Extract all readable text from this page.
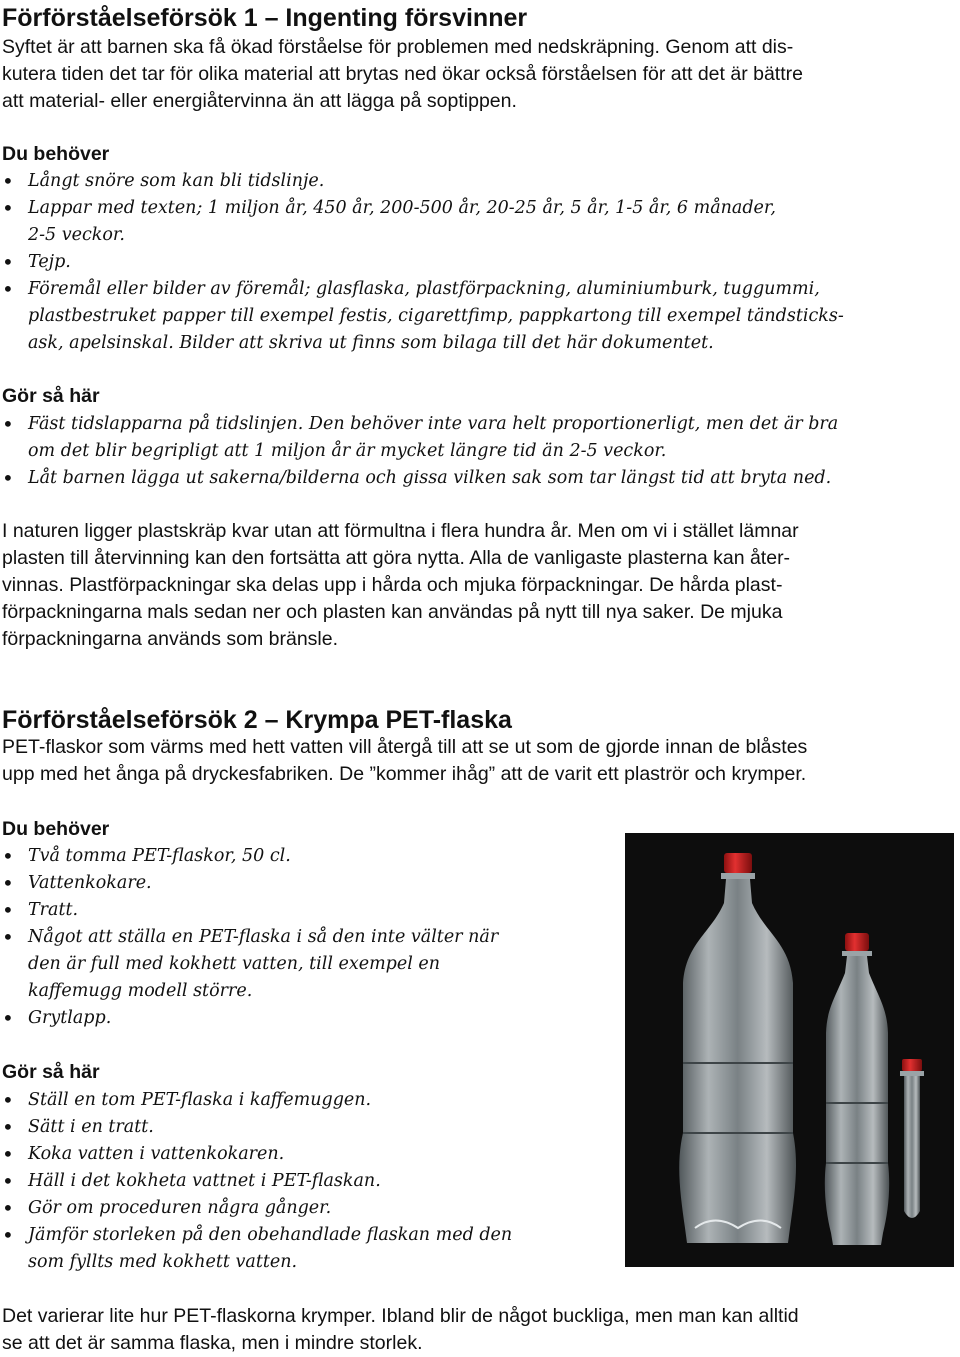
Förförståelseförsök 1 – Ingenting försvinner
Syftet är att barnen ska få ökad förståelse för problemen med nedskräpning. Genom att dis-
kutera tiden det tar för olika material att brytas ned ökar också förståelsen för att det är bättre
att material- eller energiåtervinna än att lägga på soptippen.
Du behöver
• Långt snöre som kan bli tidslinje.
• Lappar med texten; 1 miljon år, 450 år, 200-500 år, 20-25 år, 5 år, 1-5 år, 6 månader,
2-5 veckor.
• Tejp.
• Föremål eller bilder av föremål; glasflaska, plastförpackning, aluminiumburk, tuggummi,
plastbestruket papper till exempel festis, cigarettfimp, pappkartong till exempel tändsticks-
ask, apelsinskal. Bilder att skriva ut finns som bilaga till det här dokumentet.
Gör så här
• Fäst tidslapparna på tidslinjen. Den behöver inte vara helt proportionerligt, men det är bra
om det blir begripligt att 1 miljon år är mycket längre tid än 2-5 veckor.
• Låt barnen lägga ut sakerna/bilderna och gissa vilken sak som tar längst tid att bryta ned.
I naturen ligger plastskräp kvar utan att förmultna i flera hundra år. Men om vi i stället lämnar
plasten till återvinning kan den fortsätta att göra nytta. Alla de vanligaste plasterna kan åter-
vinnas. Plastförpackningar ska delas upp i hårda och mjuka förpackningar. De hårda plast-
förpackningarna mals sedan ner och plasten kan användas på nytt till nya saker. De mjuka
förpackningarna används som bränsle.
Förförståelseförsök 2 – Krympa PET-flaska
PET-flaskor som värms med hett vatten vill återgå till att se ut som de gjorde innan de blåstes
upp med het ånga på dryckesfabriken. De ”kommer ihåg” att de varit ett plaströr och krymper.
Du behöver
• Två tomma PET-flaskor, 50 cl.
• Vattenkokare.
• Tratt.
• Något att ställa en PET-flaska i så den inte välter när
den är full med kokhett vatten, till exempel en
kaffemugg modell större.
• Grytlapp.
Gör så här
• Ställ en tom PET-flaska i kaffemuggen.
• Sätt i en tratt.
• Koka vatten i vattenkokaren.
• Häll i det kokheta vattnet i PET-flaskan.
• Gör om proceduren några gånger.
• Jämför storleken på den obehandlade flaskan med den
som fyllts med kokhett vatten.
Det varierar lite hur PET-flaskorna krymper. Ibland blir de något buckliga, men man kan alltid
se att det är samma flaska, men i mindre storlek.
